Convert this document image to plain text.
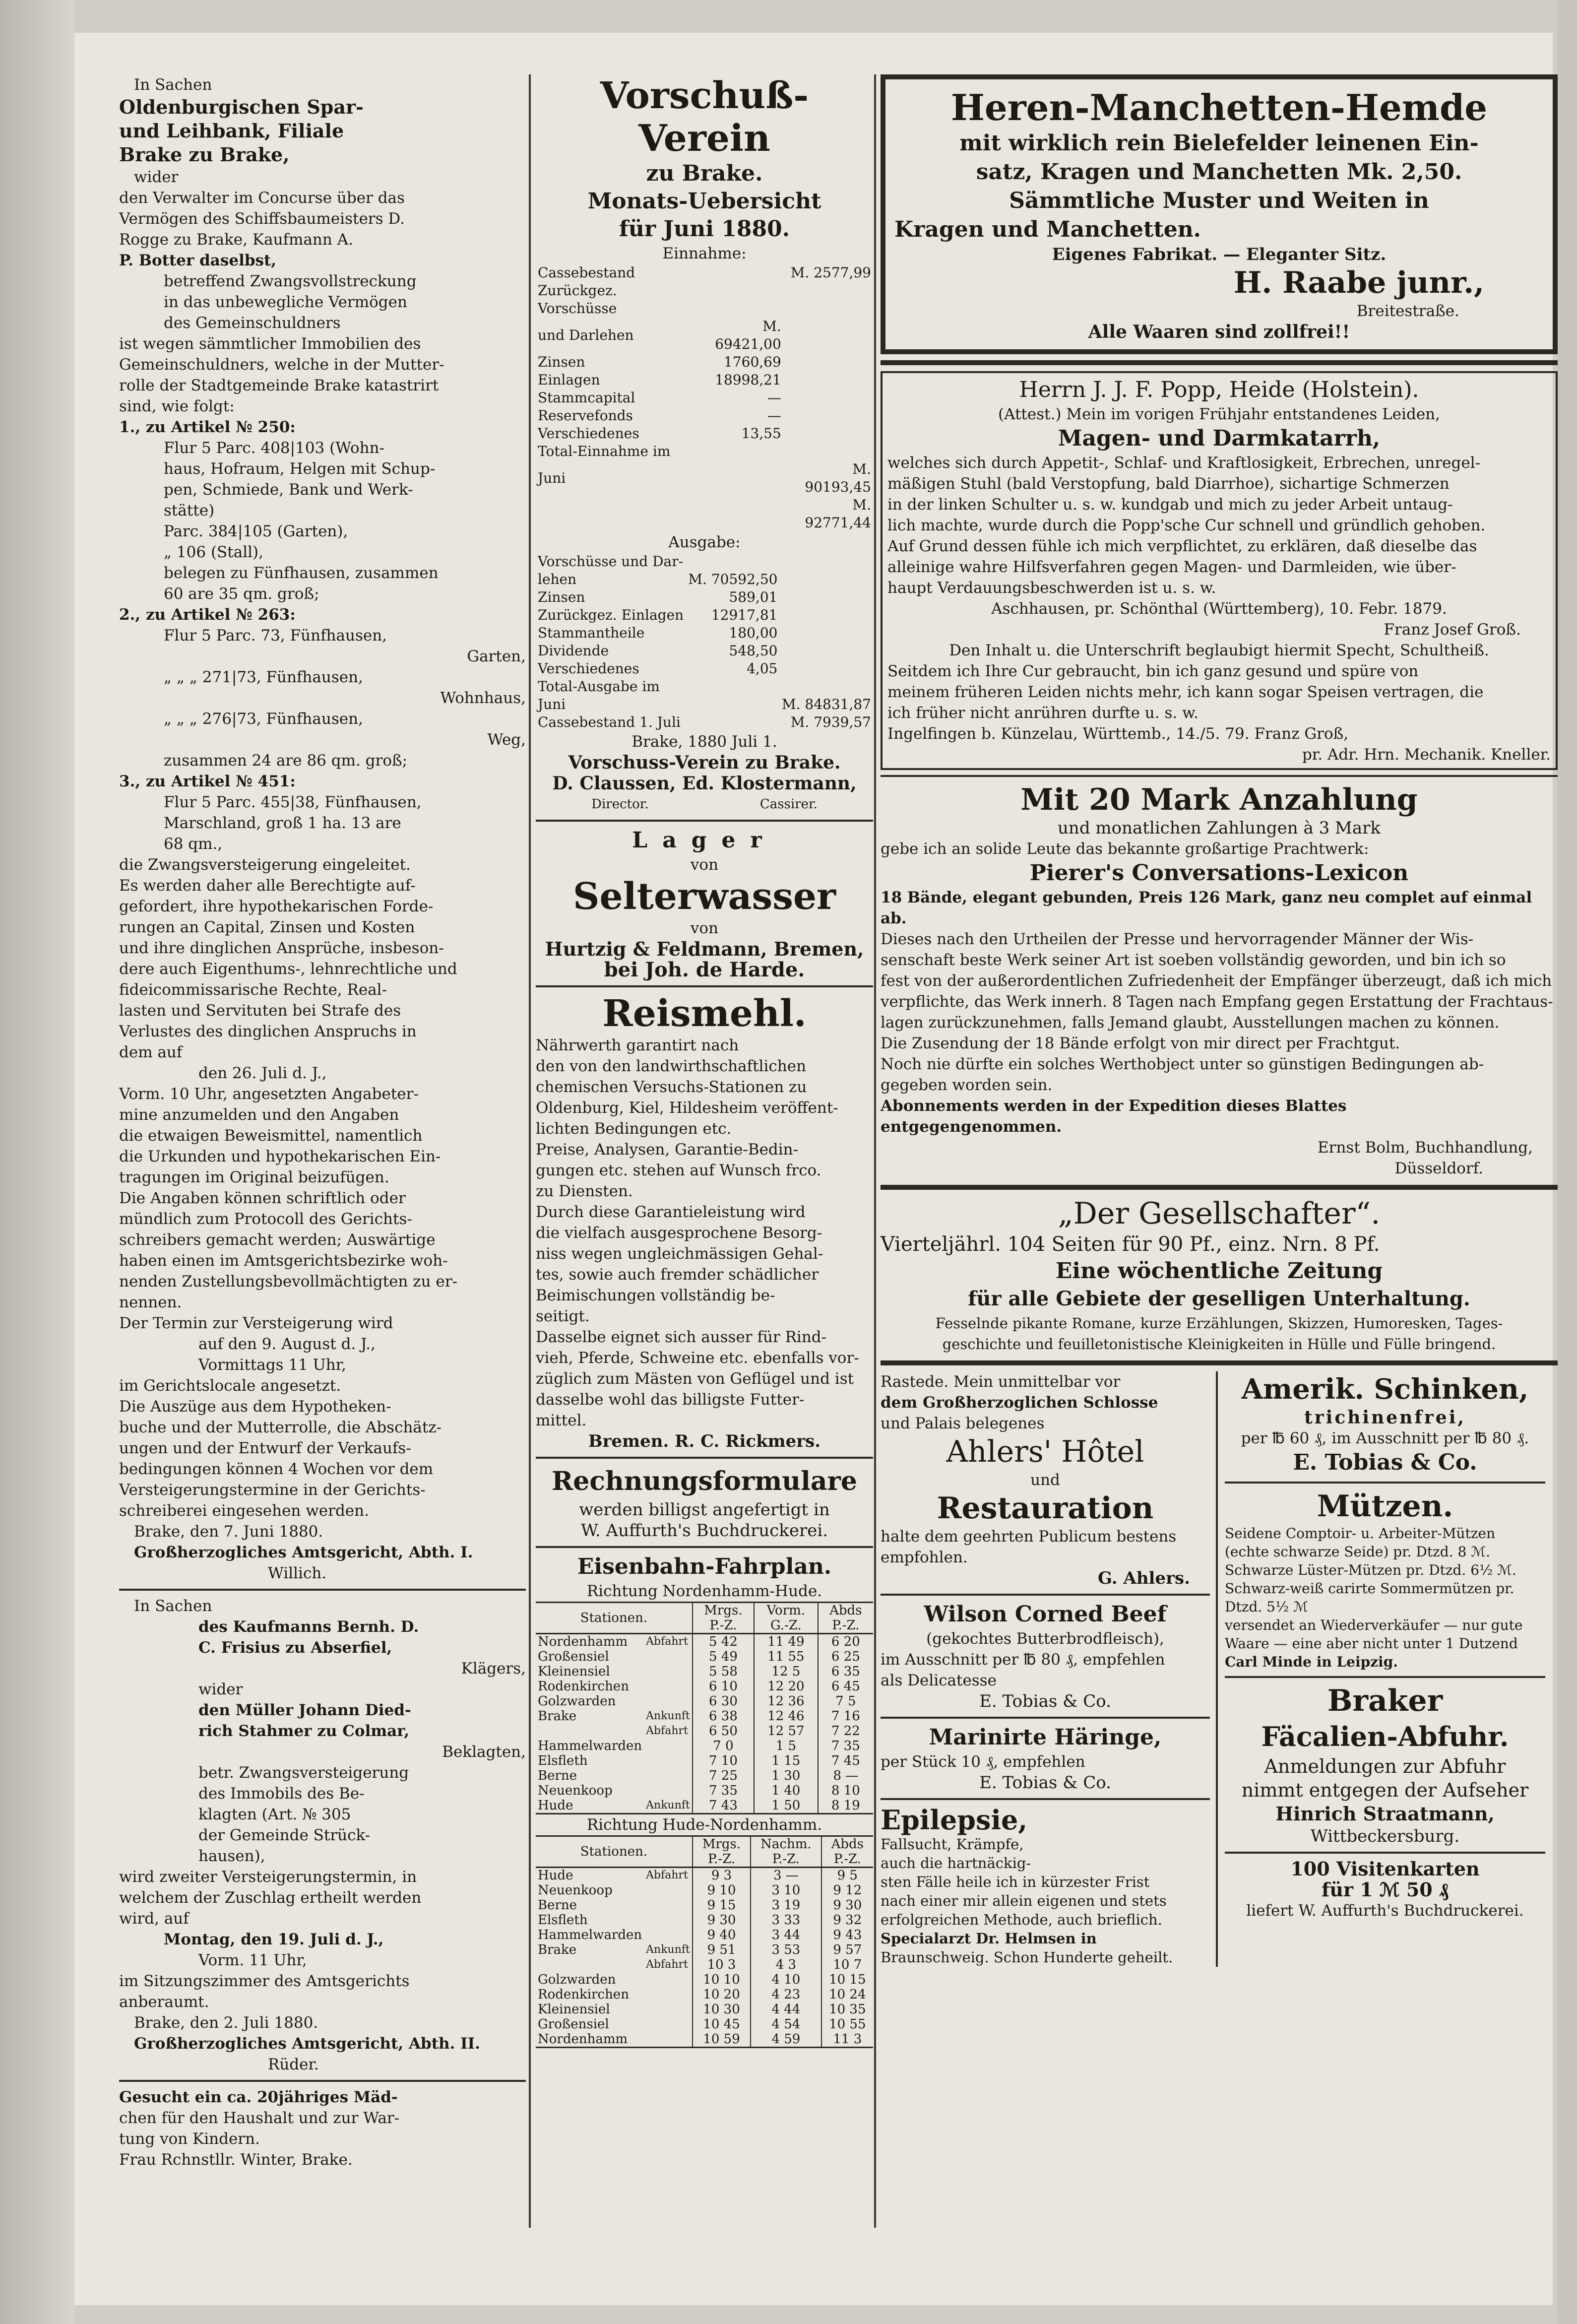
In Sachen

Oldenburgischen Spar-

und Leihbank, Filiale

Brake zu Brake,

wider

den Verwalter im Concurse über das

Vermögen des Schiffsbaumeisters D.

Rogge zu Brake, Kaufmann A.

P. Botter daselbst,

betreffend Zwangsvollstreckung

in das unbewegliche Vermögen

des Gemeinschuldners

ist wegen sämmtlicher Immobilien des

Gemeinschuldners, welche in der Mutter-

rolle der Stadtgemeinde Brake katastrirt

sind, wie folgt:

1., zu Artikel № 250:

Flur 5 Parc. 408|103 (Wohn-

haus, Hofraum, Helgen mit Schup-

pen, Schmiede, Bank und Werk-

stätte)

Parc. 384|105 (Garten),

„ 106 (Stall),

belegen zu Fünfhausen, zusammen

60 are 35 qm. groß;

2., zu Artikel № 263:

Flur 5 Parc. 73, Fünfhausen,

Garten,

„ „ „ 271|73, Fünfhausen,

Wohnhaus,

„ „ „ 276|73, Fünfhausen,

Weg,

zusammen 24 are 86 qm. groß;

3., zu Artikel № 451:

Flur 5 Parc. 455|38, Fünfhausen,

Marschland, groß 1 ha. 13 are

68 qm.,

die Zwangsversteigerung eingeleitet.

Es werden daher alle Berechtigte auf-

gefordert, ihre hypothekarischen Forde-

rungen an Capital, Zinsen und Kosten

und ihre dinglichen Ansprüche, insbeson-

dere auch Eigenthums-, lehnrechtliche und

fideicommissarische Rechte, Real-

lasten und Servituten bei Strafe des

Verlustes des dinglichen Anspruchs in

dem auf

den 26. Juli d. J.,

Vorm. 10 Uhr, angesetzten Angabeter-

mine anzumelden und den Angaben

die etwaigen Beweismittel, namentlich

die Urkunden und hypothekarischen Ein-

tragungen im Original beizufügen.

Die Angaben können schriftlich oder

mündlich zum Protocoll des Gerichts-

schreibers gemacht werden; Auswärtige

haben einen im Amtsgerichtsbezirke woh-

nenden Zustellungsbevollmächtigten zu er-

nennen.

Der Termin zur Versteigerung wird

auf den 9. August d. J.,

Vormittags 11 Uhr,

im Gerichtslocale angesetzt.

Die Auszüge aus dem Hypotheken-

buche und der Mutterrolle, die Abschätz-

ungen und der Entwurf der Verkaufs-

bedingungen können 4 Wochen vor dem

Versteigerungstermine in der Gerichts-

schreiberei eingesehen werden.

Brake, den 7. Juni 1880.

Großherzogliches Amtsgericht, Abth. I.

Willich.

In Sachen

des Kaufmanns Bernh. D.

C. Frisius zu Abserfiel,

Klägers,

wider

den Müller Johann Died-

rich Stahmer zu Colmar,

Beklagten,

betr. Zwangsversteigerung

des Immobils des Be-

klagten (Art. № 305

der Gemeinde Strück-

hausen),

wird zweiter Versteigerungstermin, in

welchem der Zuschlag ertheilt werden

wird, auf

Montag, den 19. Juli d. J.,

Vorm. 11 Uhr,

im Sitzungszimmer des Amtsgerichts

anberaumt.

Brake, den 2. Juli 1880.

Großherzogliches Amtsgericht, Abth. II.

Rüder.

Gesucht ein ca. 20jähriges Mäd-

chen für den Haushalt und zur War-

tung von Kindern.

Frau Rchnstllr. Winter, Brake.

Vorschuß-Verein

zu Brake.

Monats-Uebersicht

für Juni 1880.

Einnahme:

Cassebestand		M. 2577,99
Zurückgez. Vorschüsse		
und Darlehen	M. 69421,00	
Zinsen	1760,69	
Einlagen	18998,21	
Stammcapital	—	
Reservefonds	—	
Verschiedenes	13,55	
Total-Einnahme im		
Juni		M. 90193,45
		M. 92771,44

Ausgabe:

Vorschüsse und Dar-		
lehen	M. 70592,50	
Zinsen	589,01	
Zurückgez. Einlagen	12917,81	
Stammantheile	180,00	
Dividende	548,50	
Verschiedenes	4,05	
Total-Ausgabe im		
Juni		M. 84831,87
Cassebestand 1. Juli		M. 7939,57

Brake, 1880 Juli 1.

Vorschuss-Verein zu Brake.

D. Claussen, Ed. Klostermann,

Director.	Cassirer.

Lager

von

Selterwasser

von

Hurtzig & Feldmann, Bremen,

bei Joh. de Harde.

Reismehl.

Nährwerth garantirt nach

den von den landwirthschaftlichen

chemischen Versuchs-Stationen zu

Oldenburg, Kiel, Hildesheim veröffent-

lichten Bedingungen etc.

Preise, Analysen, Garantie-Bedin-

gungen etc. stehen auf Wunsch frco.

zu Diensten.

Durch diese Garantieleistung wird

die vielfach ausgesprochene Besorg-

niss wegen ungleichmässigen Gehal-

tes, sowie auch fremder schädlicher

Beimischungen vollständig be-

seitigt.

Dasselbe eignet sich ausser für Rind-

vieh, Pferde, Schweine etc. ebenfalls vor-

züglich zum Mästen von Geflügel und ist

dasselbe wohl das billigste Futter-

mittel.

Bremen. R. C. Rickmers.

Rechnungsformulare

werden billigst angefertigt in

W. Auffurth's Buchdruckerei.

Eisenbahn-Fahrplan.

Richtung Nordenhamm-Hude.

Stationen.		Mrgs. P.-Z.	Vorm. G.-Z.	Abds P.-Z.
Nordenhamm	Abfahrt	5 42	11 49	6 20
Großensiel		5 49	11 55	6 25
Kleinensiel		5 58	12 5	6 35
Rodenkirchen		6 10	12 20	6 45
Golzwarden		6 30	12 36	7 5
Brake	Ankunft	6 38	12 46	7 16
	Abfahrt	6 50	12 57	7 22
Hammelwarden		7 0	1 5	7 35
Elsfleth		7 10	1 15	7 45
Berne		7 25	1 30	8 —
Neuenkoop		7 35	1 40	8 10
Hude	Ankunft	7 43	1 50	8 19

Richtung Hude-Nordenhamm.

Stationen.		Mrgs. P.-Z.	Nachm. P.-Z.	Abds P.-Z.
Hude	Abfahrt	9 3	3 —	9 5
Neuenkoop		9 10	3 10	9 12
Berne		9 15	3 19	9 30
Elsfleth		9 30	3 33	9 32
Hammelwarden		9 40	3 44	9 43
Brake	Ankunft	9 51	3 53	9 57
	Abfahrt	10 3	4 3	10 7
Golzwarden		10 10	4 10	10 15
Rodenkirchen		10 20	4 23	10 24
Kleinensiel		10 30	4 44	10 35
Großensiel		10 45	4 54	10 55
Nordenhamm		10 59	4 59	11 3

Heren-Manchetten-Hemde

mit wirklich rein Bielefelder leinenen Ein-

satz, Kragen und Manchetten Mk. 2,50.

Sämmtliche Muster und Weiten in

Kragen und Manchetten.

Eigenes Fabrikat. — Eleganter Sitz.

H. Raabe junr.,

Breitestraße.

Alle Waaren sind zollfrei!!

Herrn J. J. F. Popp, Heide (Holstein).

(Attest.) Mein im vorigen Frühjahr entstandenes Leiden,

Magen- und Darmkatarrh,

welches sich durch Appetit-, Schlaf- und Kraftlosigkeit, Erbrechen, unregel-

mäßigen Stuhl (bald Verstopfung, bald Diarrhoe), sichartige Schmerzen

in der linken Schulter u. s. w. kundgab und mich zu jeder Arbeit untaug-

lich machte, wurde durch die Popp'sche Cur schnell und gründlich gehoben.

Auf Grund dessen fühle ich mich verpflichtet, zu erklären, daß dieselbe das

alleinige wahre Hilfsverfahren gegen Magen- und Darmleiden, wie über-

haupt Verdauungsbeschwerden ist u. s. w.

Aschhausen, pr. Schönthal (Württemberg), 10. Febr. 1879.

Franz Josef Groß.

Den Inhalt u. die Unterschrift beglaubigt hiermit Specht, Schultheiß.

Seitdem ich Ihre Cur gebraucht, bin ich ganz gesund und spüre von

meinem früheren Leiden nichts mehr, ich kann sogar Speisen vertragen, die

ich früher nicht anrühren durfte u. s. w.

Ingelfingen b. Künzelau, Württemb., 14./5. 79. Franz Groß,

pr. Adr. Hrn. Mechanik. Kneller.

Mit 20 Mark Anzahlung

und monatlichen Zahlungen à 3 Mark

gebe ich an solide Leute das bekannte großartige Prachtwerk:

Pierer's Conversations-Lexicon

18 Bände, elegant gebunden, Preis 126 Mark, ganz neu complet auf einmal ab.

Dieses nach den Urtheilen der Presse und hervorragender Männer der Wis-

senschaft beste Werk seiner Art ist soeben vollständig geworden, und bin ich so

fest von der außerordentlichen Zufriedenheit der Empfänger überzeugt, daß ich mich

verpflichte, das Werk innerh. 8 Tagen nach Empfang gegen Erstattung der Frachtaus-

lagen zurückzunehmen, falls Jemand glaubt, Ausstellungen machen zu können.

Die Zusendung der 18 Bände erfolgt von mir direct per Frachtgut.

Noch nie dürfte ein solches Werthobject unter so günstigen Bedingungen ab-

gegeben worden sein.

Abonnements werden in der Expedition dieses Blattes

entgegengenommen.

Ernst Bolm, Buchhandlung,

Düsseldorf.

„Der Gesellschafter“.

Vierteljährl. 104 Seiten für 90 Pf., einz. Nrn. 8 Pf.

Eine wöchentliche Zeitung

für alle Gebiete der geselligen Unterhaltung.

Fesselnde pikante Romane, kurze Erzählungen, Skizzen, Humoresken, Tages-

geschichte und feuilletonistische Kleinigkeiten in Hülle und Fülle bringend.

Rastede. Mein unmittelbar vor

dem Großherzoglichen Schlosse

und Palais belegenes

Ahlers' Hôtel

und

Restauration

halte dem geehrten Publicum bestens

empfohlen.

G. Ahlers.

Wilson Corned Beef

(gekochtes Butterbrodfleisch),

im Ausschnitt per ℔ 80 ₰, empfehlen

als Delicatesse

E. Tobias & Co.

Marinirte Häringe,

per Stück 10 ₰, empfehlen

E. Tobias & Co.

Epilepsie,

Fallsucht, Krämpfe,

auch die hartnäckig-

sten Fälle heile ich in kürzester Frist

nach einer mir allein eigenen und stets

erfolgreichen Methode, auch brieflich.

Specialarzt Dr. Helmsen in

Braunschweig. Schon Hunderte geheilt.

Amerik. Schinken,

trichinenfrei,

per ℔ 60 ₰, im Ausschnitt per ℔ 80 ₰.

E. Tobias & Co.

Mützen.

Seidene Comptoir- u. Arbeiter-Mützen

(echte schwarze Seide) pr. Dtzd. 8 ℳ.

Schwarze Lüster-Mützen pr. Dtzd. 6½ ℳ.

Schwarz-weiß carirte Sommermützen pr.

Dtzd. 5½ ℳ

versendet an Wiederverkäufer — nur gute

Waare — eine aber nicht unter 1 Dutzend

Carl Minde in Leipzig.

Braker

Fäcalien-Abfuhr.

Anmeldungen zur Abfuhr

nimmt entgegen der Aufseher

Hinrich Straatmann,

Wittbeckersburg.

100 Visitenkarten

für 1 ℳ 50 ₰

liefert W. Auffurth's Buchdruckerei.
